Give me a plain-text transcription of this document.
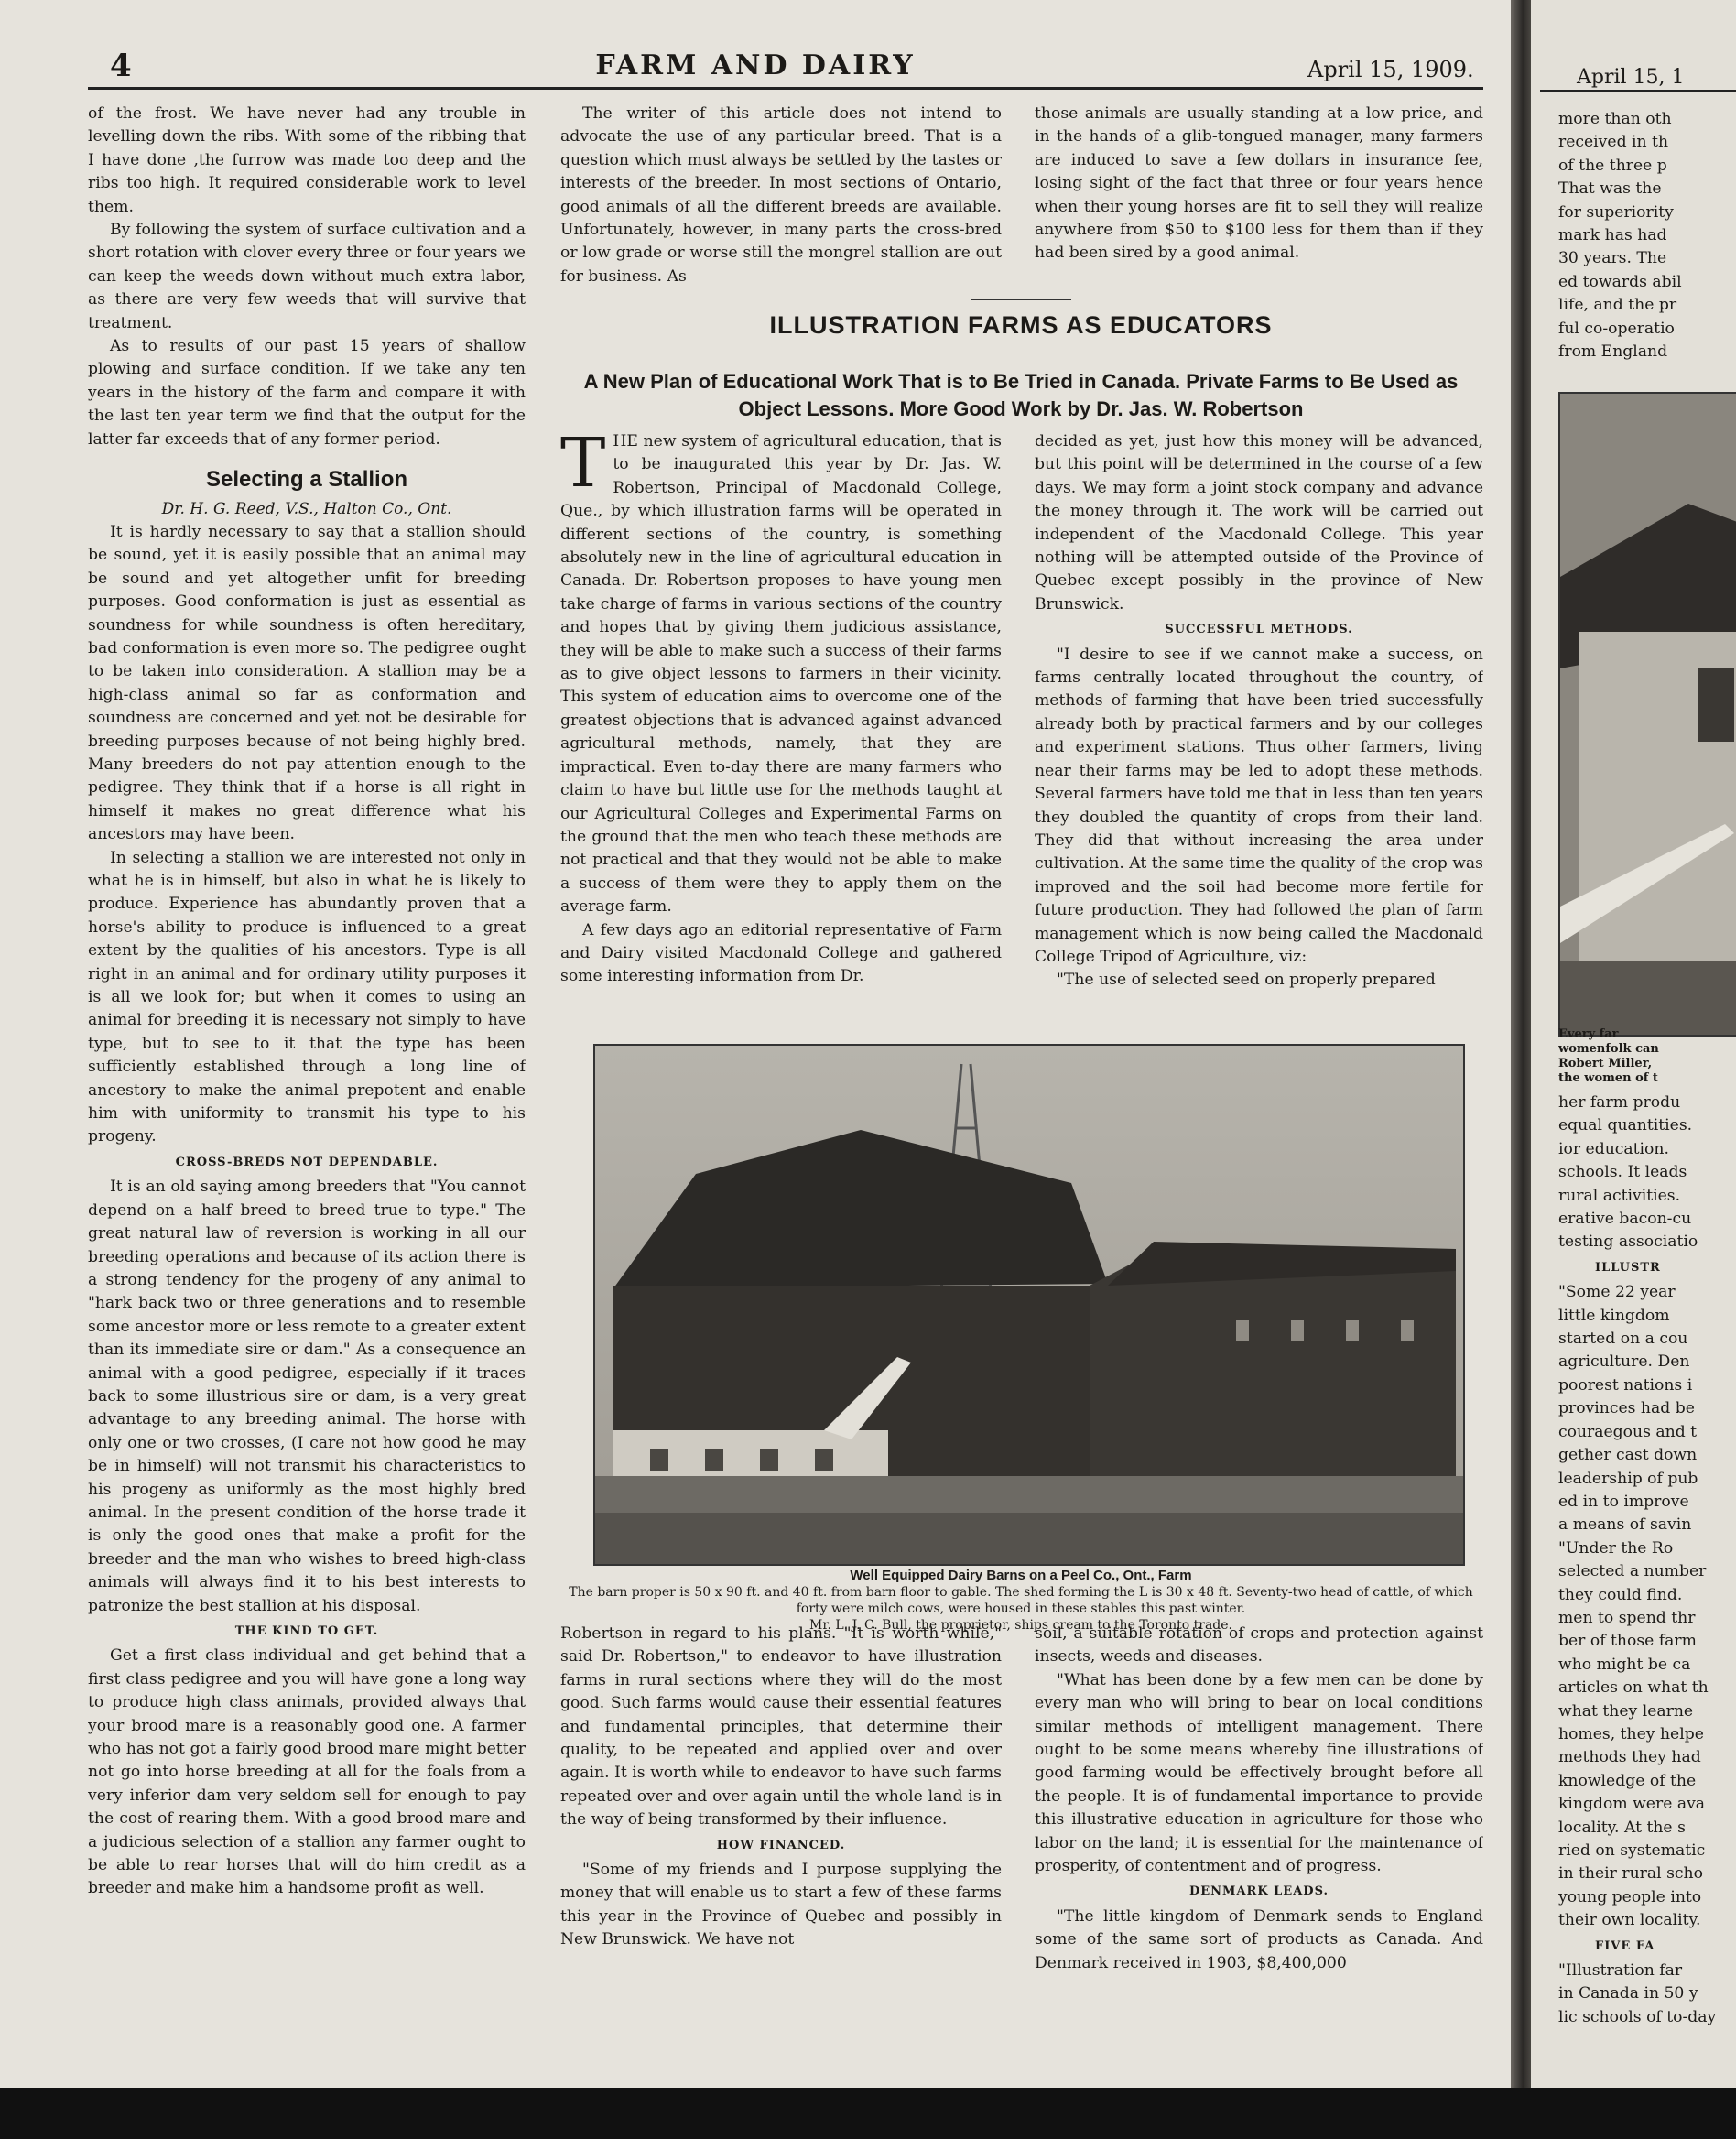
4	FARM AND DAIRY	April 15, 1909.

of the frost. We have never had any trouble in levelling down the ribs. With some of the ribbing that I have done ,the furrow was made too deep and the ribs too high. It required considerable work to level them.

By following the system of surface cultivation and a short rotation with clover every three or four years we can keep the weeds down without much extra labor, as there are very few weeds that will survive that treatment.

As to results of our past 15 years of shallow plowing and surface condition. If we take any ten years in the history of the farm and compare it with the last ten year term we find that the output for the latter far exceeds that of any former period.

Selecting a Stallion
Dr. H. G. Reed, V.S., Halton Co., Ont.

It is hardly necessary to say that a stallion should be sound, yet it is easily possible that an animal may be sound and yet altogether unfit for breeding purposes. Good conformation is just as essential as soundness for while soundness is often hereditary, bad conformation is even more so. The pedigree ought to be taken into consideration. A stallion may be a high-class animal so far as conformation and soundness are concerned and yet not be desirable for breeding purposes because of not being highly bred. Many breeders do not pay attention enough to the pedigree. They think that if a horse is all right in himself it makes no great difference what his ancestors may have been.

In selecting a stallion we are interested not only in what he is in himself, but also in what he is likely to produce. Experience has abundantly proven that a horse's ability to produce is influenced to a great extent by the qualities of his ancestors. Type is all right in an animal and for ordinary utility purposes it is all we look for; but when it comes to using an animal for breeding it is necessary not simply to have type, but to see to it that the type has been sufficiently established through a long line of ancestory to make the animal prepotent and enable him with uniformity to transmit his type to his progeny.

CROSS-BREDS NOT DEPENDABLE.

It is an old saying among breeders that "You cannot depend on a half breed to breed true to type." The great natural law of reversion is working in all our breeding operations and because of its action there is a strong tendency for the progeny of any animal to "hark back two or three generations and to resemble some ancestor more or less remote to a greater extent than its immediate sire or dam." As a consequence an animal with a good pedigree, especially if it traces back to some illustrious sire or dam, is a very great advantage to any breeding animal. The horse with only one or two crosses, (I care not how good he may be in himself) will not transmit his characteristics to his progeny as uniformly as the most highly bred animal. In the present condition of the horse trade it is only the good ones that make a profit for the breeder and the man who wishes to breed high-class animals will always find it to his best interests to patronize the best stallion at his disposal.

THE KIND TO GET.

Get a first class individual and get behind that a first class pedigree and you will have gone a long way to produce high class animals, provided always that your brood mare is a reasonably good one. A farmer who has not got a fairly good brood mare might better not go into horse breeding at all for the foals from a very inferior dam very seldom sell for enough to pay the cost of rearing them. With a good brood mare and a judicious selection of a stallion any farmer ought to be able to rear horses that will do him credit as a breeder and make him a handsome profit as well.

The writer of this article does not intend to advocate the use of any particular breed. That is a question which must always be settled by the tastes or interests of the breeder. In most sections of Ontario, good animals of all the different breeds are available. Unfortunately, however, in many parts the cross-bred or low grade or worse still the mongrel stallion are out for business. As

those animals are usually standing at a low price, and in the hands of a glib-tongued manager, many farmers are induced to save a few dollars in insurance fee, losing sight of the fact that three or four years hence when their young horses are fit to sell they will realize anywhere from $50 to $100 less for them than if they had been sired by a good animal.

ILLUSTRATION FARMS AS EDUCATORS
A New Plan of Educational Work That is to Be Tried in Canada. Private Farms to Be Used as Object Lessons. More Good Work by Dr. Jas. W. Robertson

THE new system of agricultural education, that is to be inaugurated this year by Dr. Jas. W. Robertson, Principal of Macdonald College, Que., by which illustration farms will be operated in different sections of the country, is something absolutely new in the line of agricultural education in Canada. Dr. Robertson proposes to have young men take charge of farms in various sections of the country and hopes that by giving them judicious assistance, they will be able to make such a success of their farms as to give object lessons to farmers in their vicinity. This system of education aims to overcome one of the greatest objections that is advanced against advanced agricultural methods, namely, that they are impractical. Even to-day there are many farmers who claim to have but little use for the methods taught at our Agricultural Colleges and Experimental Farms on the ground that the men who teach these methods are not practical and that they would not be able to make a success of them were they to apply them on the average farm.

A few days ago an editorial representative of Farm and Dairy visited Macdonald College and gathered some interesting information from Dr.

decided as yet, just how this money will be advanced, but this point will be determined in the course of a few days. We may form a joint stock company and advance the money through it. The work will be carried out independent of the Macdonald College. This year nothing will be attempted outside of the Province of Quebec except possibly in the province of New Brunswick.

SUCCESSFUL METHODS.

"I desire to see if we cannot make a success, on farms centrally located throughout the country, of methods of farming that have been tried successfully already both by practical farmers and by our colleges and experiment stations. Thus other farmers, living near their farms may be led to adopt these methods. Several farmers have told me that in less than ten years they doubled the quantity of crops from their land. They did that without increasing the area under cultivation. At the same time the quality of the crop was improved and the soil had become more fertile for future production. They had followed the plan of farm management which is now being called the Macdonald College Tripod of Agriculture, viz:

"The use of selected seed on properly prepared

Well Equipped Dairy Barns on a Peel Co., Ont., Farm
The barn proper is 50 x 90 ft. and 40 ft. from barn floor to gable. The shed forming the L is 30 x 48 ft. Seventy-two head of cattle, of which forty were milch cows, were housed in these stables this past winter.
Mr. L. J. C. Bull, the proprietor, ships cream to the Toronto trade.

Robertson in regard to his plans. "It is worth while," said Dr. Robertson," to endeavor to have illustration farms in rural sections where they will do the most good. Such farms would cause their essential features and fundamental principles, that determine their quality, to be repeated and applied over and over again. It is worth while to endeavor to have such farms repeated over and over again until the whole land is in the way of being transformed by their influence.

HOW FINANCED.

"Some of my friends and I purpose supplying the money that will enable us to start a few of these farms this year in the Province of Quebec and possibly in New Brunswick. We have not

soil, a suitable rotation of crops and protection against insects, weeds and diseases.

"What has been done by a few men can be done by every man who will bring to bear on local conditions similar methods of intelligent management. There ought to be some means whereby fine illustrations of good farming would be effectively brought before all the people. It is of fundamental importance to provide this illustrative education in agriculture for those who labor on the land; it is essential for the maintenance of prosperity, of contentment and of progress.

DENMARK LEADS.

"The little kingdom of Denmark sends to England some of the same sort of products as Canada. And Denmark received in 1903, $8,400,000

April 15, 1
more than oth
received in th
of the three p
That was the
for superiority
mark has had
30 years. The
ed towards abil
life, and the pr
ful co-operatio
from England
Every far
womenfolk can
Robert Miller,
the women of t
her farm produ
equal quantities.
ior education.
schools. It leads
rural activities.
erative bacon-cu
testing associatio
ILLUSTR
"Some 22 year
little kingdom
started on a cou
agriculture. Den
poorest nations i
provinces had be
couraegous and t
gether cast down
leadership of pub
ed in to improve
a means of savin
"Under the Ro
selected a number
they could find.
men to spend thr
ber of those farm
who might be ca
articles on what th
what they learne
homes, they helpe
methods they had
knowledge of the
kingdom were ava
locality. At the s
ried on systematic
in their rural scho
young people into
their own locality.
FIVE FA
"Illustration far
in Canada in 50 y
lic schools of to-day
